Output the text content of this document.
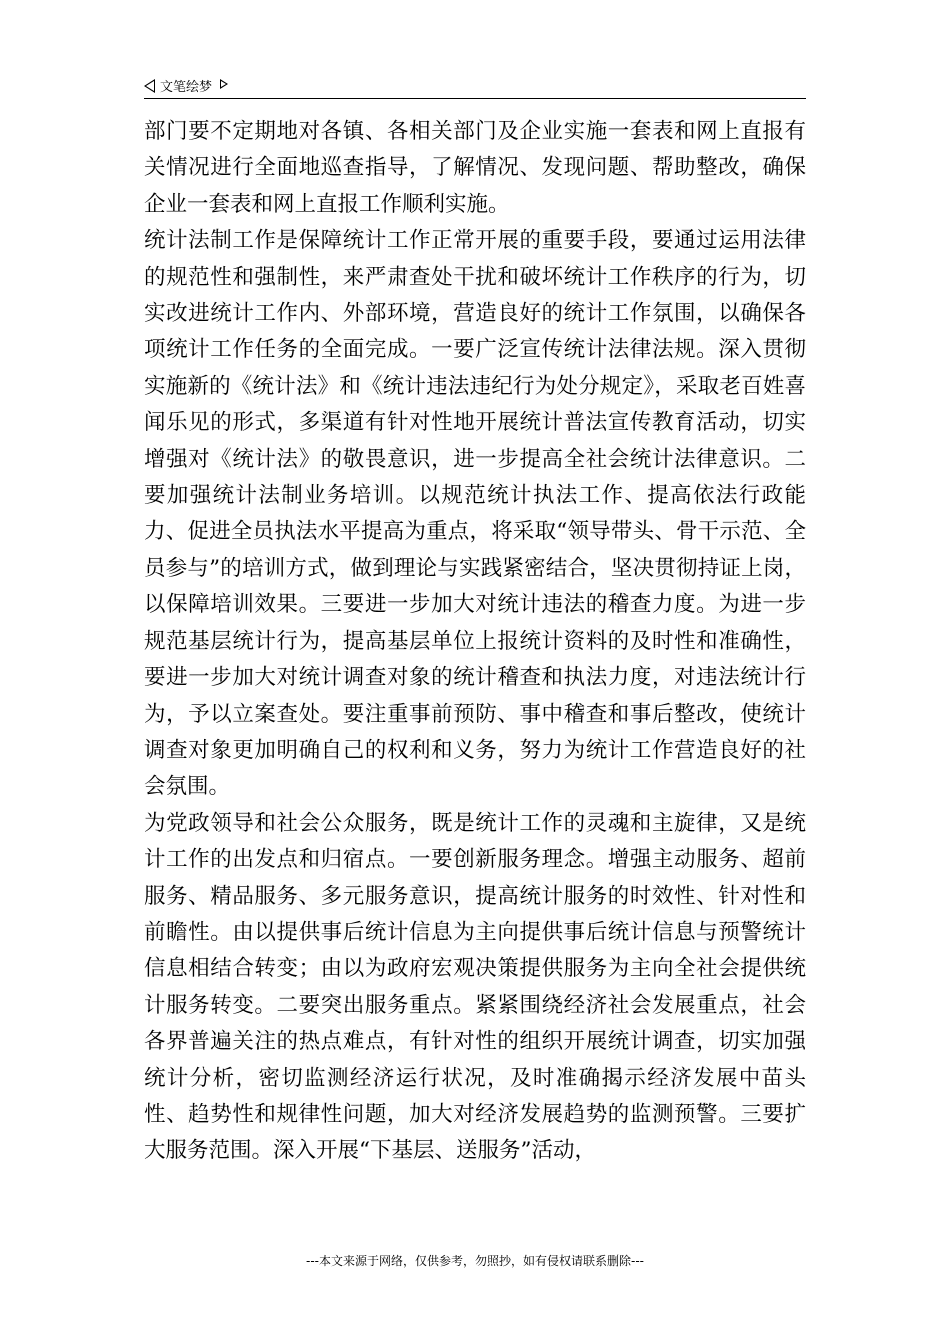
文笔绘梦

部门要不定期地对各镇、各相关部门及企业实施一套表和网上直报有关情况进行全面地巡查指导，了解情况、发现问题、帮助整改，确保企业一套表和网上直报工作顺利实施。

统计法制工作是保障统计工作正常开展的重要手段，要通过运用法律的规范性和强制性，来严肃查处干扰和破坏统计工作秩序的行为，切实改进统计工作内、外部环境，营造良好的统计工作氛围，以确保各项统计工作任务的全面完成。一要广泛宣传统计法律法规。深入贯彻实施新的《统计法》和《统计违法违纪行为处分规定》，采取老百姓喜闻乐见的形式，多渠道有针对性地开展统计普法宣传教育活动，切实增强对《统计法》的敬畏意识，进一步提高全社会统计法律意识。二要加强统计法制业务培训。以规范统计执法工作、提高依法行政能力、促进全员执法水平提高为重点，将采取“领导带头、骨干示范、全员参与”的培训方式，做到理论与实践紧密结合，坚决贯彻持证上岗，以保障培训效果。三要进一步加大对统计违法的稽查力度。为进一步规范基层统计行为，提高基层单位上报统计资料的及时性和准确性，要进一步加大对统计调查对象的统计稽查和执法力度，对违法统计行为，予以立案查处。要注重事前预防、事中稽查和事后整改，使统计调查对象更加明确自己的权利和义务，努力为统计工作营造良好的社会氛围。

为党政领导和社会公众服务，既是统计工作的灵魂和主旋律，又是统计工作的出发点和归宿点。一要创新服务理念。增强主动服务、超前服务、精品服务、多元服务意识，提高统计服务的时效性、针对性和前瞻性。由以提供事后统计信息为主向提供事后统计信息与预警统计信息相结合转变；由以为政府宏观决策提供服务为主向全社会提供统计服务转变。二要突出服务重点。紧紧围绕经济社会发展重点，社会各界普遍关注的热点难点，有针对性的组织开展统计调查，切实加强统计分析，密切监测经济运行状况，及时准确揭示经济发展中苗头性、趋势性和规律性问题，加大对经济发展趋势的监测预警。三要扩大服务范围。深入开展“下基层、送服务”活动，

---本文来源于网络，仅供参考，勿照抄，如有侵权请联系删除---
